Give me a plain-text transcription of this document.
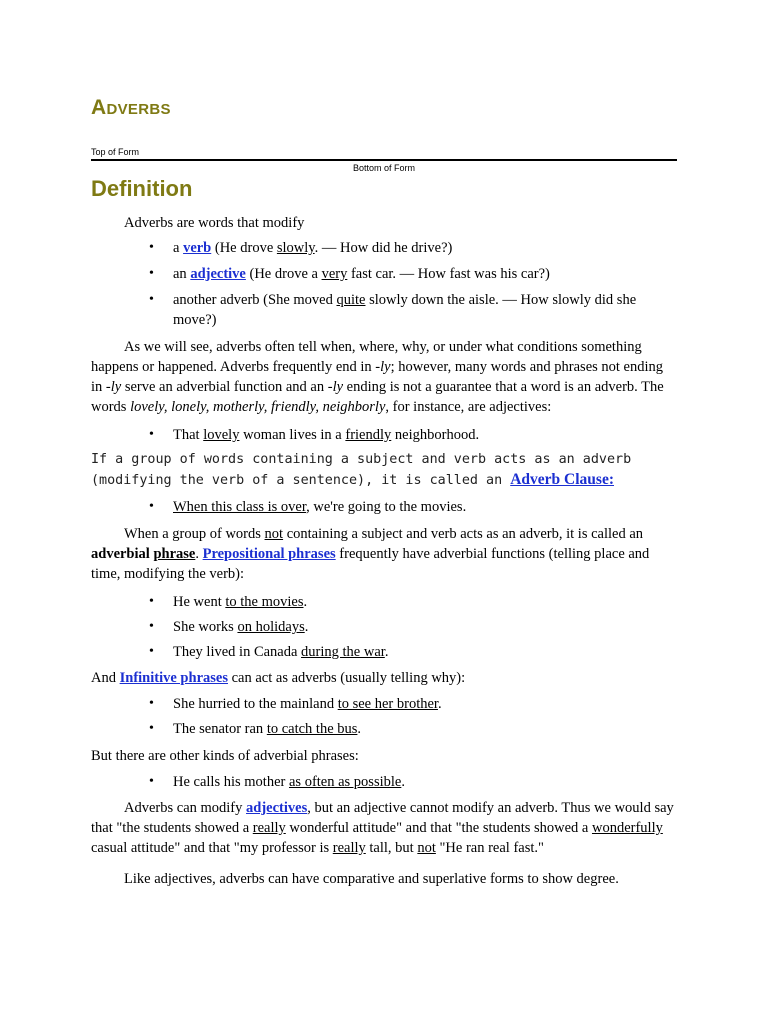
Adverbs
Top of Form
Bottom of Form
Definition

Adverbs are words that modify

• a verb (He drove slowly. — How did he drive?)
• an adjective (He drove a very fast car. — How fast was his car?)
• another adverb (She moved quite slowly down the aisle. — How slowly did she move?)

As we will see, adverbs often tell when, where, why, or under what conditions something happens or happened. Adverbs frequently end in -ly; however, many words and phrases not ending in -ly serve an adverbial function and an -ly ending is not a guarantee that a word is an adverb. The words lovely, lonely, motherly, friendly, neighborly, for instance, are adjectives:

• That lovely woman lives in a friendly neighborhood.
If a group of words containing a subject and verb acts as an adverb (modifying the verb of a sentence), it is called an Adverb Clause:
• When this class is over, we're going to the movies.

When a group of words not containing a subject and verb acts as an adverb, it is called an adverbial phrase. Prepositional phrases frequently have adverbial functions (telling place and time, modifying the verb):

• He went to the movies.
• She works on holidays.
• They lived in Canada during the war.

And Infinitive phrases can act as adverbs (usually telling why):

• She hurried to the mainland to see her brother.
• The senator ran to catch the bus.

But there are other kinds of adverbial phrases:

• He calls his mother as often as possible.

Adverbs can modify adjectives, but an adjective cannot modify an adverb. Thus we would say that "the students showed a really wonderful attitude" and that "the students showed a wonderfully casual attitude" and that "my professor is really tall, but not "He ran real fast."

Like adjectives, adverbs can have comparative and superlative forms to show degree.
